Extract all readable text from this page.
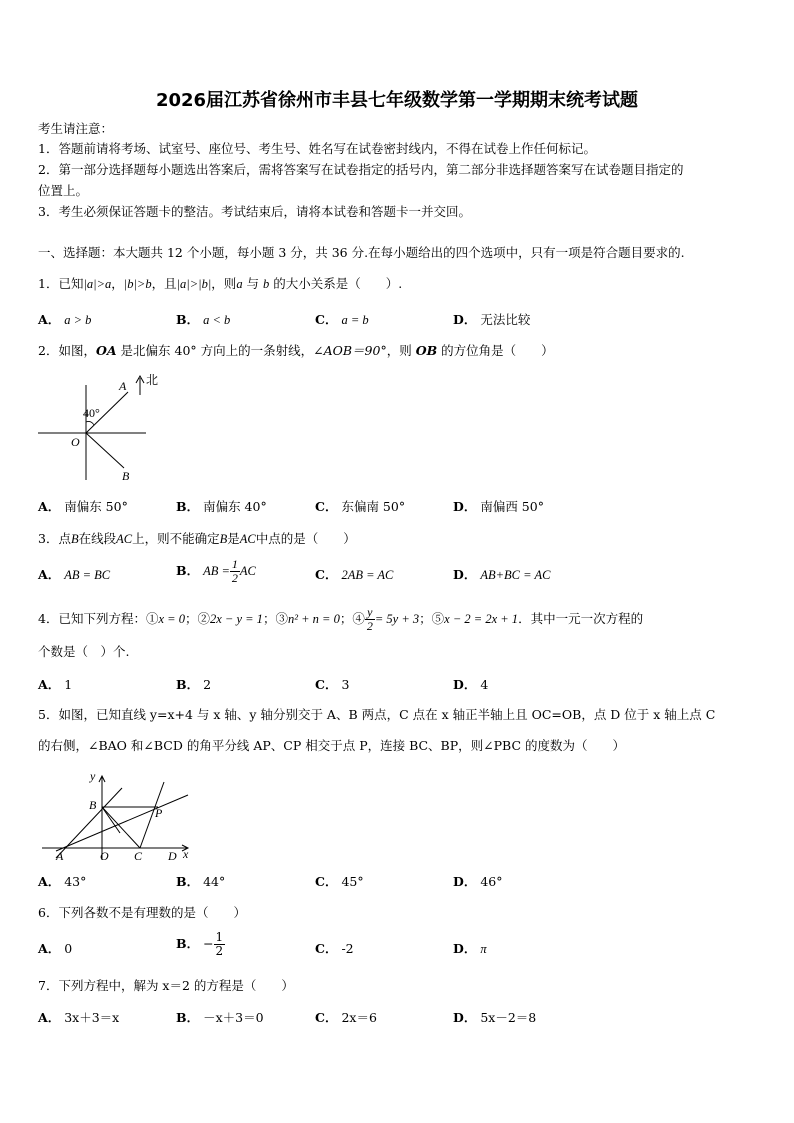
2026届江苏省徐州市丰县七年级数学第一学期期末统考试题
考生请注意：
1．答题前请将考场、试室号、座位号、考生号、姓名写在试卷密封线内，不得在试卷上作任何标记。
2．第一部分选择题每小题选出答案后，需将答案写在试卷指定的括号内，第二部分非选择题答案写在试卷题目指定的
位置上。
3．考生必须保证答题卡的整洁。考试结束后，请将本试卷和答题卡一并交回。
一、选择题：本大题共 12 个小题，每小题 3 分，共 36 分.在每小题给出的四个选项中，只有一项是符合题目要求的.
1．已知|a|>a，|b|>b，且|a|>|b|，则a 与 b 的大小关系是（　　）.
A． a > b	B． a < b	C． a = b	D． 无法比较
2．如图，OA 是北偏东 40° 方向上的一条射线，∠AOB＝90°，则 OB 的方位角是（　　）
北
A
B
O
40°
A． 南偏东 50°	B． 南偏东 40°	C． 东偏南 50°	D． 南偏西 50°
3．点B在线段AC上，则不能确定B是AC中点的是（　　）
A． AB = BC	B． AB = $\frac{1}{2}$ AC	C． 2AB = AC	D． AB+BC = AC
4．已知下列方程：①x = 0；②2x − y = 1；③n² + n = 0；④ $\frac{y}{2} = 5y + 3$；⑤x − 2 = 2x + 1．其中一元一次方程的
个数是（　）个.
A． 1	B． 2	C． 3	D． 4
5．如图，已知直线 y=x+4 与 x 轴、y 轴分别交于 A、B 两点，C 点在 x 轴正半轴上且 OC=OB，点 D 位于 x 轴上点 C
的右侧，∠BAO 和∠BCD 的角平分线 AP、CP 相交于点 P，连接 BC、BP，则∠PBC 的度数为（　　）
y
x
B
P
A	O C D
A． 43°	B． 44°	C． 45°	D． 46°
6．下列各数不是有理数的是（　　）
A． 0	B． − $\frac{1}{2}$	C． -2	D． π
7．下列方程中，解为 x＝2 的方程是（　　）
A． 3x＋3＝x	B． －x＋3＝0	C． 2x＝6	D． 5x－2＝8
